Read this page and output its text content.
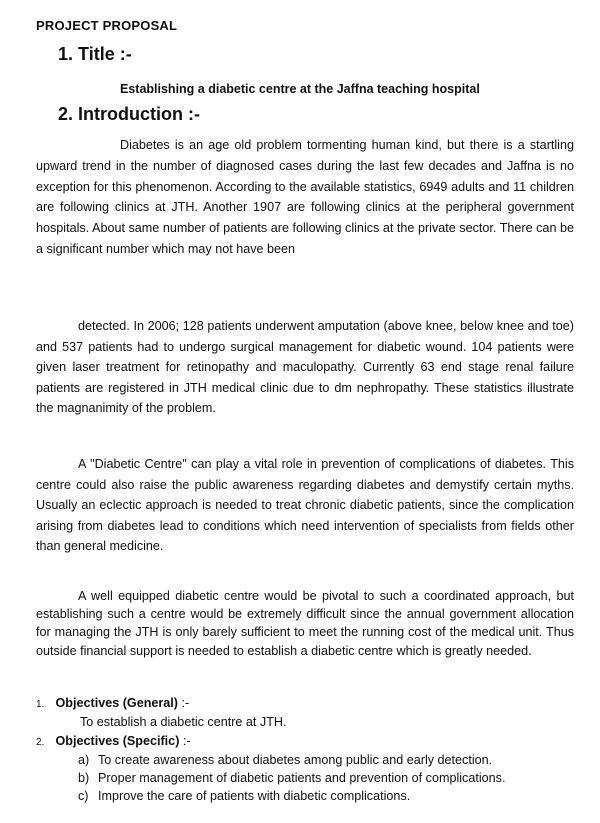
PROJECT PROPOSAL
1. Title :-
Establishing a diabetic centre at the Jaffna teaching hospital
2. Introduction :-
Diabetes is an age old problem tormenting human kind, but there is a startling upward trend in the number of diagnosed cases during the last few decades and Jaffna is no exception for this phenomenon. According to the available statistics, 6949 adults and 11 children are following clinics at JTH. Another 1907 are following clinics at the peripheral government hospitals. About same number of patients are following clinics at the private sector. There can be a significant number which may not have been
detected. In 2006; 128 patients underwent amputation (above knee, below knee and toe) and 537 patients had to undergo surgical management for diabetic wound. 104 patients were given laser treatment for retinopathy and maculopathy. Currently 63 end stage renal failure patients are registered in JTH medical clinic due to dm nephropathy. These statistics illustrate the magnanimity of the problem.
A "Diabetic Centre" can play a vital role in prevention of complications of diabetes. This centre could also raise the public awareness regarding diabetes and demystify certain myths. Usually an eclectic approach is needed to treat chronic diabetic patients, since the complication arising from diabetes lead to conditions which need intervention of specialists from fields other than general medicine.
A well equipped diabetic centre would be pivotal to such a coordinated approach, but establishing such a centre would be extremely difficult since the annual government allocation for managing the JTH is only barely sufficient to meet the running cost of the medical unit. Thus outside financial support is needed to establish a diabetic centre which is greatly needed.
1. Objectives (General) :-
To establish a diabetic centre at JTH.
2. Objectives (Specific) :-
a) To create awareness about diabetes among public and early detection.
b) Proper management of diabetic patients and prevention of complications.
c) Improve the care of patients with diabetic complications.
